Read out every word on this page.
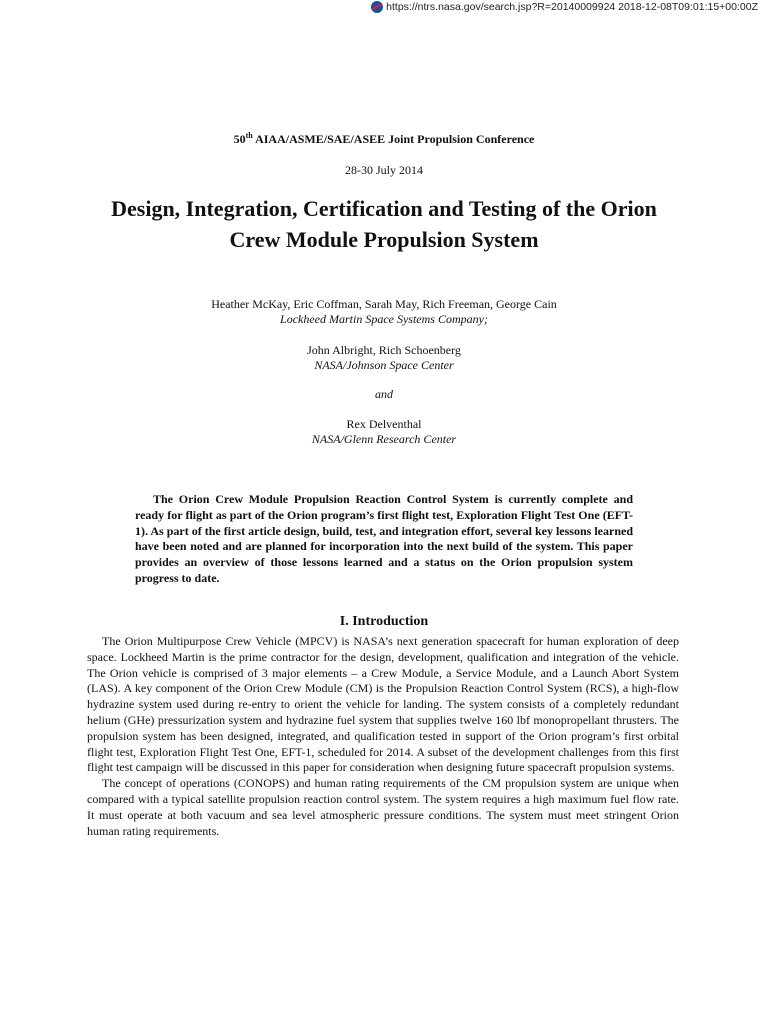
https://ntrs.nasa.gov/search.jsp?R=20140009924 2018-12-08T09:01:15+00:00Z
50th AIAA/ASME/SAE/ASEE Joint Propulsion Conference
28-30 July 2014
Design, Integration, Certification and Testing of the Orion
Crew Module Propulsion System
Heather McKay, Eric Coffman, Sarah May, Rich Freeman, George Cain
Lockheed Martin Space Systems Company;
John Albright, Rich Schoenberg
NASA/Johnson Space Center
and
Rex Delventhal
NASA/Glenn Research Center
The Orion Crew Module Propulsion Reaction Control System is currently complete and ready for flight as part of the Orion program’s first flight test, Exploration Flight Test One (EFT-1). As part of the first article design, build, test, and integration effort, several key lessons learned have been noted and are planned for incorporation into the next build of the system. This paper provides an overview of those lessons learned and a status on the Orion propulsion system progress to date.
I. Introduction

The Orion Multipurpose Crew Vehicle (MPCV) is NASA’s next generation spacecraft for human exploration of deep space. Lockheed Martin is the prime contractor for the design, development, qualification and integration of the vehicle. The Orion vehicle is comprised of 3 major elements – a Crew Module, a Service Module, and a Launch Abort System (LAS). A key component of the Orion Crew Module (CM) is the Propulsion Reaction Control System (RCS), a high-flow hydrazine system used during re-entry to orient the vehicle for landing. The system consists of a completely redundant helium (GHe) pressurization system and hydrazine fuel system that supplies twelve 160 lbf monopropellant thrusters. The propulsion system has been designed, integrated, and qualification tested in support of the Orion program’s first orbital flight test, Exploration Flight Test One, EFT-1, scheduled for 2014. A subset of the development challenges from this first flight test campaign will be discussed in this paper for consideration when designing future spacecraft propulsion systems.

The concept of operations (CONOPS) and human rating requirements of the CM propulsion system are unique when compared with a typical satellite propulsion reaction control system. The system requires a high maximum fuel flow rate. It must operate at both vacuum and sea level atmospheric pressure conditions. The system must meet stringent Orion human rating requirements.
